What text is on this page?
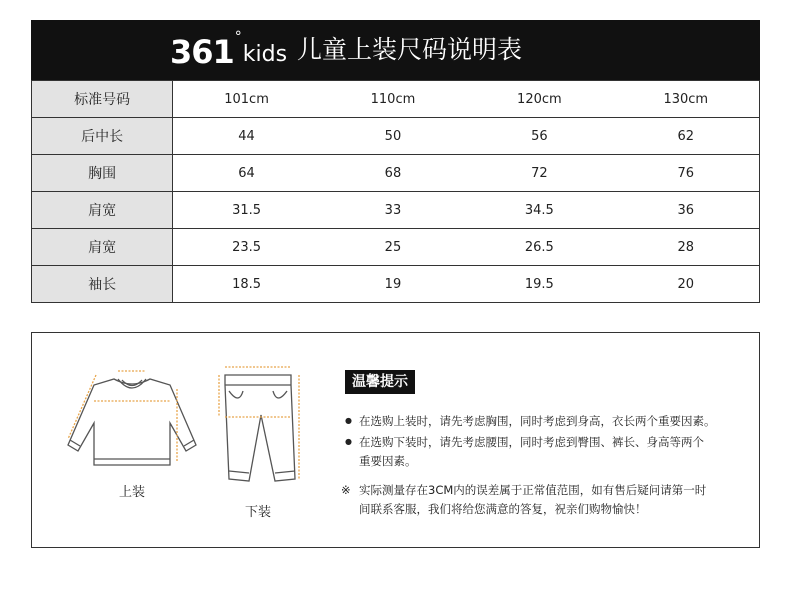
361 °
kids 儿童上装尺码说明表
标准号码	101cm	110cm	120cm	130cm
后中长	44	50	56	62
胸围	64	68	72	76
肩宽	31.5	33	34.5	36
肩宽	23.5	25	26.5	28
袖长	18.5	19	19.5	20
上装
下装
温馨提示
● 在选购上装时，请先考虑胸围，同时考虑到身高，衣长两个重要因素。
● 在选购下装时，请先考虑腰围，同时考虑到臀围、裤长、身高等两个
重要因素。
※ 实际测量存在3CM内的误差属于正常值范围，如有售后疑问请第一时
间联系客服，我们将给您满意的答复，祝亲们购物愉快！
